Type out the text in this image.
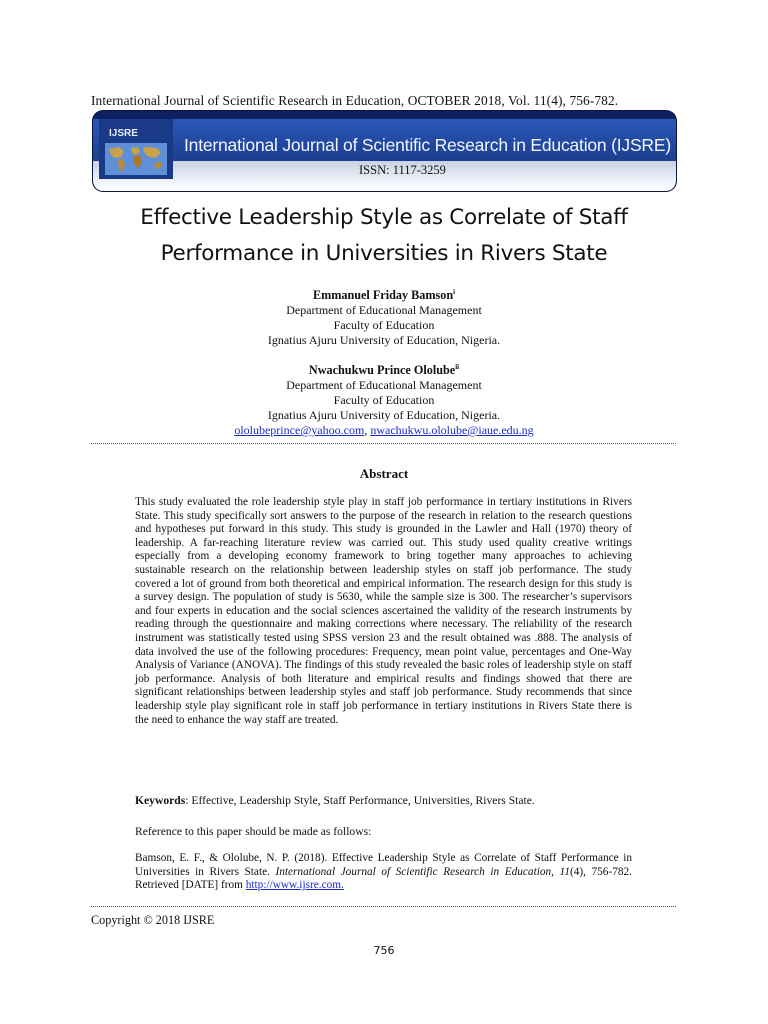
International Journal of Scientific Research in Education, OCTOBER 2018, Vol. 11(4), 756-782.
IJSRE
International Journal of Scientific Research in Education (IJSRE)
ISSN: 1117-3259
Effective Leadership Style as Correlate of Staff
Performance in Universities in Rivers State
Emmanuel Friday Bamson$^i$
Department of Educational Management
Faculty of Education
Ignatius Ajuru University of Education, Nigeria.
Nwachukwu Prince Ololube$^{ii}$
Department of Educational Management
Faculty of Education
Ignatius Ajuru University of Education, Nigeria.
ololubeprince@yahoo.com, nwachukwu.ololube@iaue.edu.ng
Abstract
This study evaluated the role leadership style play in staff job performance in tertiary institutions in Rivers State. This study specifically sort answers to the purpose of the research in relation to the research questions and hypotheses put forward in this study. This study is grounded in the Lawler and Hall (1970) theory of leadership. A far-reaching literature review was carried out. This study used quality creative writings especially from a developing economy framework to bring together many approaches to achieving sustainable research on the relationship between leadership styles on staff job performance. The study covered a lot of ground from both theoretical and empirical information. The research design for this study is a survey design. The population of study is 5630, while the sample size is 300. The researcher’s supervisors and four experts in education and the social sciences ascertained the validity of the research instruments by reading through the questionnaire and making corrections where necessary. The reliability of the research instrument was statistically tested using SPSS version 23 and the result obtained was .888. The analysis of data involved the use of the following procedures: Frequency, mean point value, percentages and One-Way Analysis of Variance (ANOVA). The findings of this study revealed the basic roles of leadership style on staff job performance. Analysis of both literature and empirical results and findings showed that there are significant relationships between leadership styles and staff job performance. Study recommends that since leadership style play significant role in staff job performance in tertiary institutions in Rivers State there is the need to enhance the way staff are treated.
Keywords: Effective, Leadership Style, Staff Performance, Universities, Rivers State.
Reference to this paper should be made as follows:
Bamson, E. F., & Ololube, N. P. (2018). Effective Leadership Style as Correlate of Staff Performance in Universities in Rivers State. International Journal of Scientific Research in Education, 11(4), 756-782. Retrieved [DATE] from http://www.ijsre.com.
Copyright © 2018 IJSRE
756
